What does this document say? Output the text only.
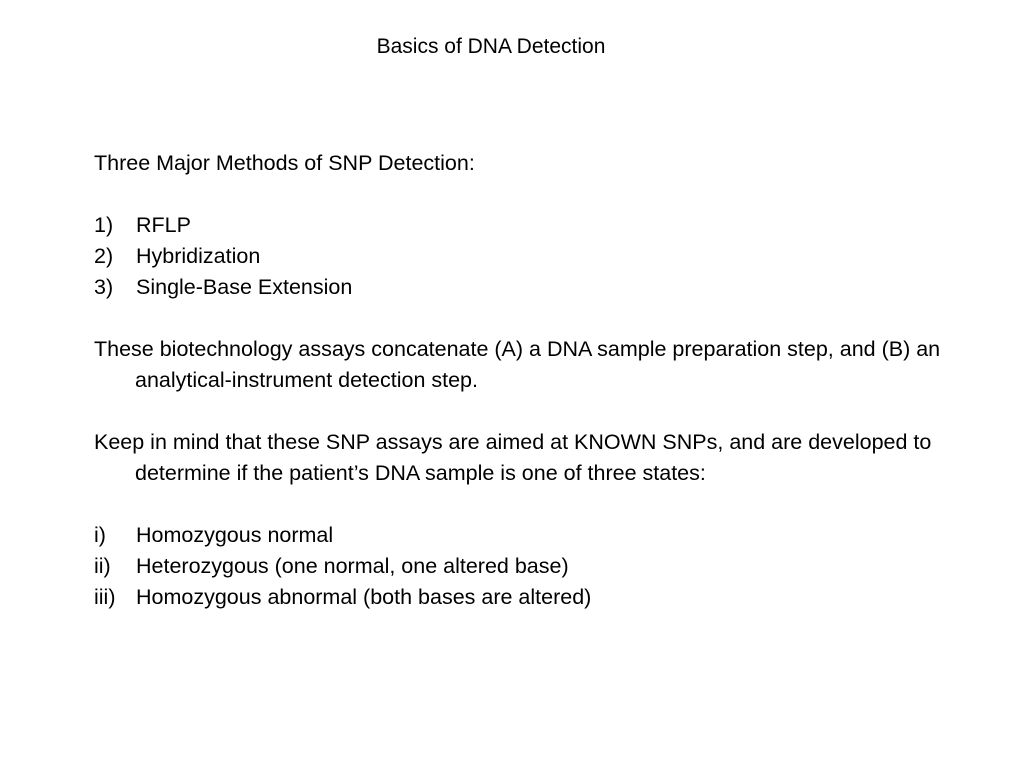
Basics of DNA Detection

Three Major Methods of SNP Detection:

1)	RFLP
2)	Hybridization
3)	Single-Base Extension

These biotechnology assays concatenate (A) a DNA sample preparation step, and (B) an analytical-instrument detection step.

Keep in mind that these SNP assays are aimed at KNOWN SNPs, and are developed to determine if the patient’s DNA sample is one of three states:

i)	Homozygous normal
ii)	Heterozygous (one normal, one altered base)
iii) Homozygous abnormal (both bases are altered)
